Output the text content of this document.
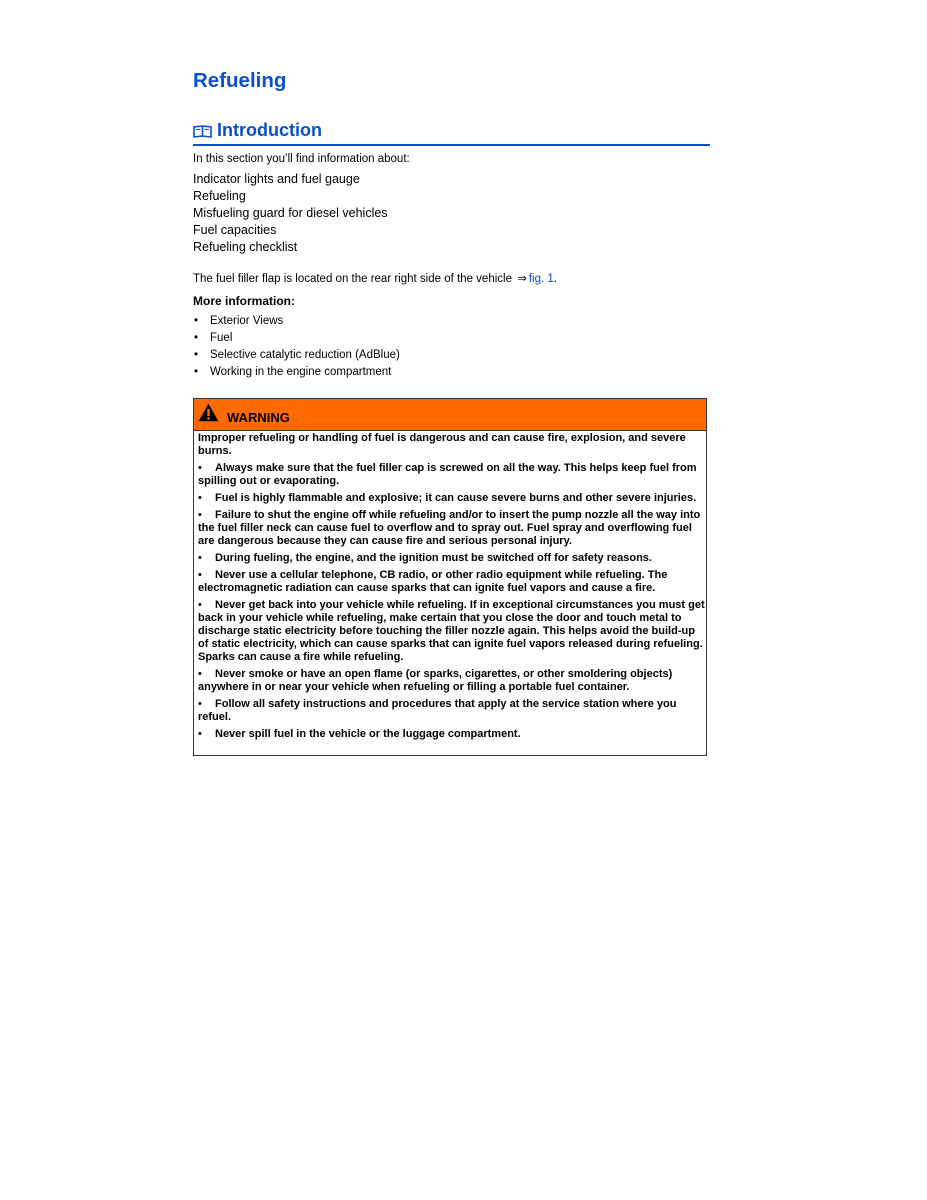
Refueling
Introduction

In this section you’ll find information about:

Indicator lights and fuel gauge
Refueling
Misfueling guard for diesel vehicles
Fuel capacities
Refueling checklist

The fuel filler flap is located on the rear right side of the vehicle ⇒ fig. 1.

More information:

• Exterior Views
• Fuel
• Selective catalytic reduction (AdBlue)
• Working in the engine compartment
WARNING

Improper refueling or handling of fuel is dangerous and can cause fire, explosion, and severe burns.

• Always make sure that the fuel filler cap is screwed on all the way. This helps keep fuel from spilling out or evaporating.
• Fuel is highly flammable and explosive; it can cause severe burns and other severe injuries.
• Failure to shut the engine off while refueling and/or to insert the pump nozzle all the way into the fuel filler neck can cause fuel to overflow and to spray out. Fuel spray and overflowing fuel are dangerous because they can cause fire and serious personal injury.
• During fueling, the engine, and the ignition must be switched off for safety reasons.
• Never use a cellular telephone, CB radio, or other radio equipment while refueling. The electromagnetic radiation can cause sparks that can ignite fuel vapors and cause a fire.
• Never get back into your vehicle while refueling. If in exceptional circumstances you must get back in your vehicle while refueling, make certain that you close the door and touch metal to discharge static electricity before touching the filler nozzle again. This helps avoid the build-up of static electricity, which can cause sparks that can ignite fuel vapors released during refueling. Sparks can cause a fire while refueling.
• Never smoke or have an open flame (or sparks, cigarettes, or other smoldering objects) anywhere in or near your vehicle when refueling or filling a portable fuel container.
• Follow all safety instructions and procedures that apply at the service station where you refuel.
• Never spill fuel in the vehicle or the luggage compartment.
